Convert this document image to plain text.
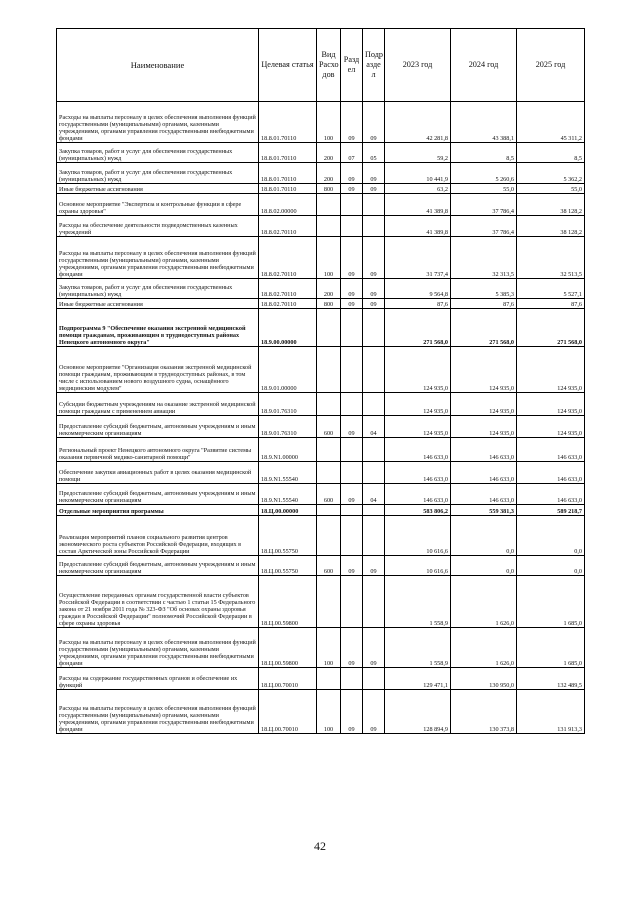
Наименование	Целевая статья	Вид Расхо дов	Разд ел	Подр азде л	2023 год	2024 год	2025 год
Расходы на выплаты персоналу в целях обеспечения выполнения функций государственными (муниципальными) органами, казенными учреждениями, органами управления государственными внебюджетными фондами	18.8.01.70110	100	09	09	42 281,8	43 388,1	45 311,2
Закупка товаров, работ и услуг для обеспечения государственных (муниципальных) нужд	18.8.01.70110	200	07	05	59,2	8,5	8,5
Закупка товаров, работ и услуг для обеспечения государственных (муниципальных) нужд	18.8.01.70110	200	09	09	10 441,9	5 260,6	5 362,2
Иные бюджетные ассигнования	18.8.01.70110	800	09	09	63,2	55,0	55,0
Основное мероприятие "Экспертиза и контрольные функции в сфере охраны здоровья"	18.8.02.00000				41 389,8	37 786,4	38 128,2
Расходы на обеспечение деятельности подведомственных казенных учреждений	18.8.02.70110				41 389,8	37 786,4	38 128,2
Расходы на выплаты персоналу в целях обеспечения выполнения функций государственными (муниципальными) органами, казенными учреждениями, органами управления государственными внебюджетными фондами	18.8.02.70110	100	09	09	31 737,4	32 313,5	32 513,5
Закупка товаров, работ и услуг для обеспечения государственных (муниципальных) нужд	18.8.02.70110	200	09	09	9 564,8	5 385,3	5 527,1
Иные бюджетные ассигнования	18.8.02.70110	800	09	09	87,6	87,6	87,6
Подпрограмма 9 "Обеспечение оказания экстренной медицинской помощи гражданам, проживающим в труднодоступных районах Ненецкого автономного округа"	18.9.00.00000				271 568,0	271 568,0	271 568,0
Основное мероприятие "Организация оказания экстренной медицинской помощи гражданам, проживающим в труднодоступных районах, в том числе с использованием нового воздушного судна, оснащённого медицинским модулем"	18.9.01.00000				124 935,0	124 935,0	124 935,0
Субсидии бюджетным учреждениям на оказание экстренной медицинской помощи гражданам с применением авиации	18.9.01.76310				124 935,0	124 935,0	124 935,0
Предоставление субсидий бюджетным, автономным учреждениям и иным некоммерческим организациям	18.9.01.76310	600	09	04	124 935,0	124 935,0	124 935,0
Региональный проект Ненецкого автономного округа "Развитие системы оказания первичной медико-санитарной помощи"	18.9.N1.00000				146 633,0	146 633,0	146 633,0
Обеспечение закупки авиационных работ в целях оказания медицинской помощи	18.9.N1.55540				146 633,0	146 633,0	146 633,0
Предоставление субсидий бюджетным, автономным учреждениям и иным некоммерческим организациям	18.9.N1.55540	600	09	04	146 633,0	146 633,0	146 633,0
Отдельные мероприятия программы	18.Ц.00.00000				583 806,2	559 381,3	589 218,7
Реализация мероприятий планов социального развития центров экономического роста субъектов Российской Федерации, входящих в состав Арктической зоны Российской Федерации	18.Ц.00.55750				10 616,6	0,0	0,0
Предоставление субсидий бюджетным, автономным учреждениям и иным некоммерческим организациям	18.Ц.00.55750	600	09	09	10 616,6	0,0	0,0
Осуществление переданных органам государственной власти субъектов Российской Федерации в соответствии с частью 1 статьи 15 Федерального закона от 21 ноября 2011 года № 323-ФЗ "Об основах охраны здоровья граждан в Российской Федерации" полномочий Российской Федерации в сфере охраны здоровья	18.Ц.00.59800				1 558,9	1 626,0	1 685,0
Расходы на выплаты персоналу в целях обеспечения выполнения функций государственными (муниципальными) органами, казенными учреждениями, органами управления государственными внебюджетными фондами	18.Ц.00.59800	100	09	09	1 558,9	1 626,0	1 685,0
Расходы на содержание государственных органов и обеспечение их функций	18.Ц.00.70010				129 471,1	130 950,0	132 489,5
Расходы на выплаты персоналу в целях обеспечения выполнения функций государственными (муниципальными) органами, казенными учреждениями, органами управления государственными внебюджетными фондами	18.Ц.00.70010	100	09	09	128 894,9	130 373,8	131 913,3
42
